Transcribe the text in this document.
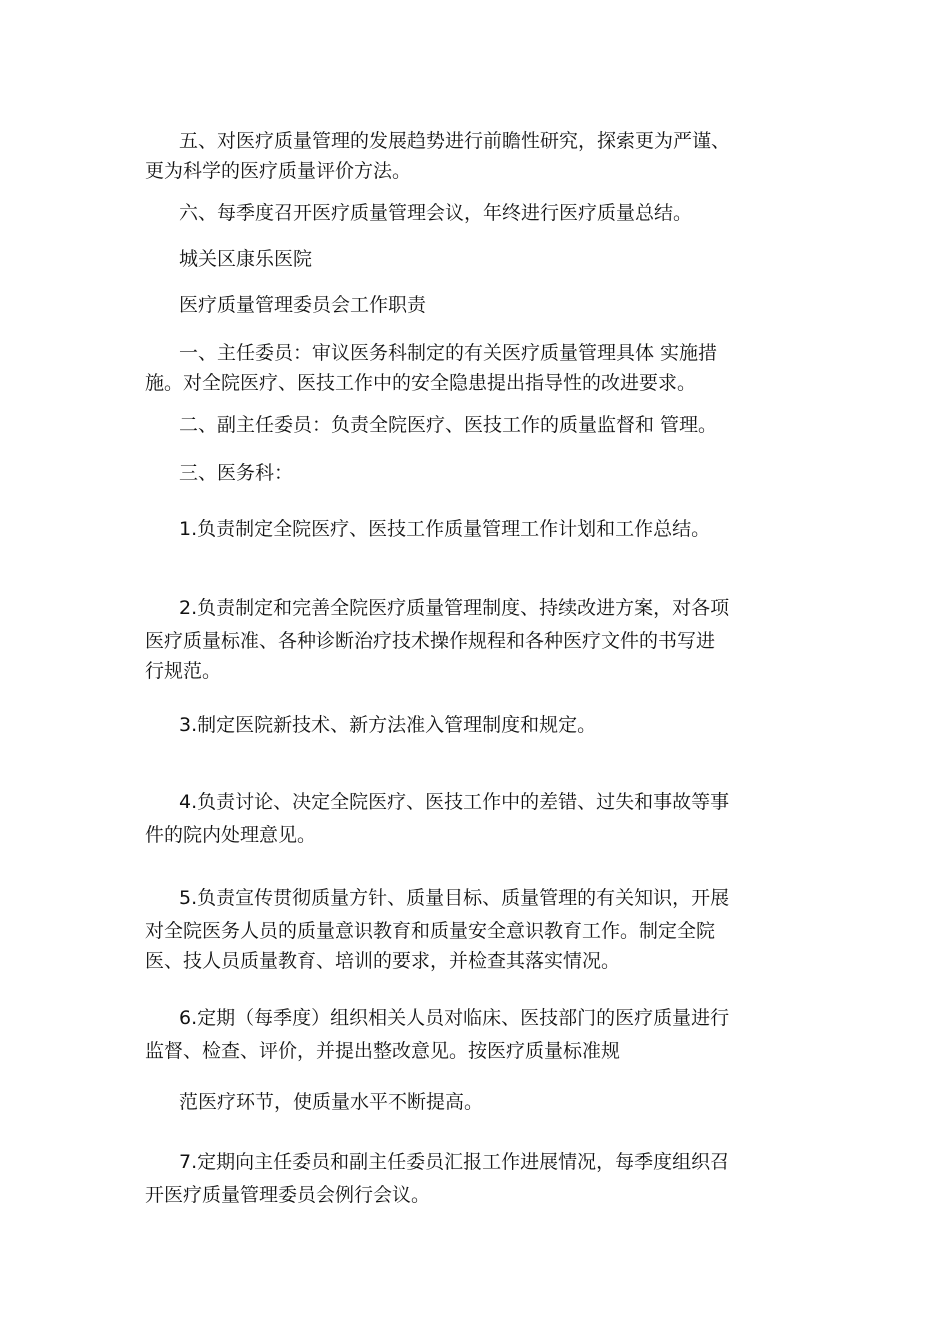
五、对医疗质量管理的发展趋势进行前瞻性研究，探索更为严谨、
更为科学的医疗质量评价方法。
六、每季度召开医疗质量管理会议，年终进行医疗质量总结。
城关区康乐医院
医疗质量管理委员会工作职责
一、主任委员：审议医务科制定的有关医疗质量管理具体 实施措
施。对全院医疗、医技工作中的安全隐患提出指导性的改进要求。
二、副主任委员：负责全院医疗、医技工作的质量监督和 管理。
三、医务科：
1.负责制定全院医疗、医技工作质量管理工作计划和工作总结。
2.负责制定和完善全院医疗质量管理制度、持续改进方案，对各项
医疗质量标准、各种诊断治疗技术操作规程和各种医疗文件的书写进
行规范。
3.制定医院新技术、新方法准入管理制度和规定。
4.负责讨论、决定全院医疗、医技工作中的差错、过失和事故等事
件的院内处理意见。
5.负责宣传贯彻质量方针、质量目标、质量管理的有关知识，开展
对全院医务人员的质量意识教育和质量安全意识教育工作。制定全院
医、技人员质量教育、培训的要求，并检查其落实情况。
6.定期（每季度）组织相关人员对临床、医技部门的医疗质量进行
监督、检查、评价，并提出整改意见。按医疗质量标准规
范医疗环节，使质量水平不断提高。
7.定期向主任委员和副主任委员汇报工作进展情况，每季度组织召
开医疗质量管理委员会例行会议。
